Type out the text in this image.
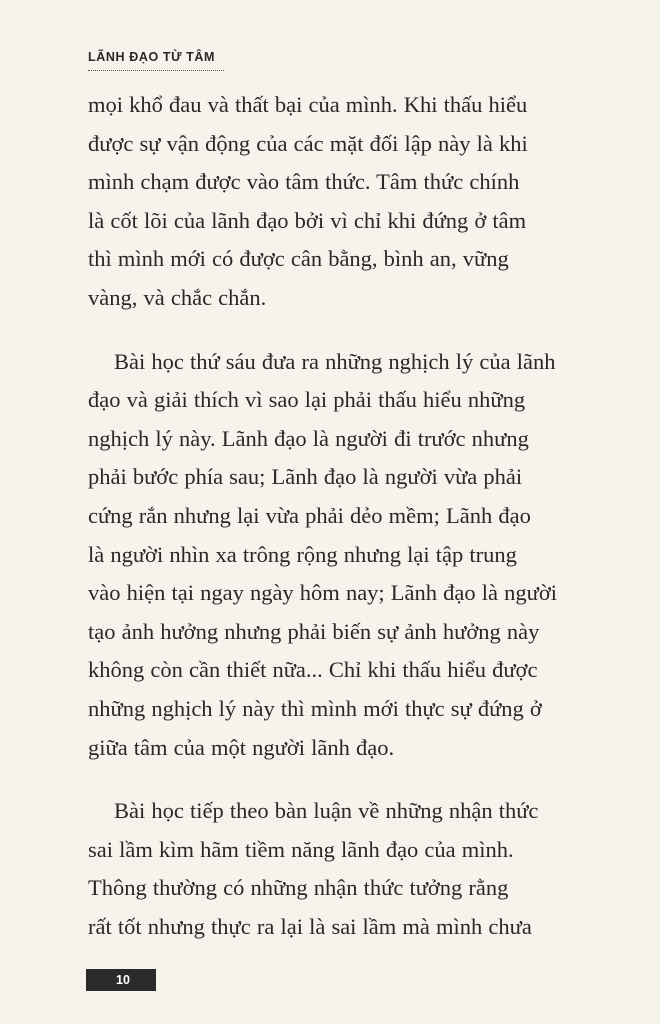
LÃNH ĐẠO TỪ TÂM

mọi khổ đau và thất bại của mình. Khi thấu hiểu
được sự vận động của các mặt đối lập này là khi
mình chạm được vào tâm thức. Tâm thức chính
là cốt lõi của lãnh đạo bởi vì chỉ khi đứng ở tâm
thì mình mới có được cân bằng, bình an, vững
vàng, và chắc chắn.

Bài học thứ sáu đưa ra những nghịch lý của lãnh
đạo và giải thích vì sao lại phải thấu hiểu những
nghịch lý này. Lãnh đạo là người đi trước nhưng
phải bước phía sau; Lãnh đạo là người vừa phải
cứng rắn nhưng lại vừa phải dẻo mềm; Lãnh đạo
là người nhìn xa trông rộng nhưng lại tập trung
vào hiện tại ngay ngày hôm nay; Lãnh đạo là người
tạo ảnh hưởng nhưng phải biến sự ảnh hưởng này
không còn cần thiết nữa... Chỉ khi thấu hiểu được
những nghịch lý này thì mình mới thực sự đứng ở
giữa tâm của một người lãnh đạo.

Bài học tiếp theo bàn luận về những nhận thức
sai lầm kìm hãm tiềm năng lãnh đạo của mình.
Thông thường có những nhận thức tưởng rằng
rất tốt nhưng thực ra lại là sai lầm mà mình chưa

10
